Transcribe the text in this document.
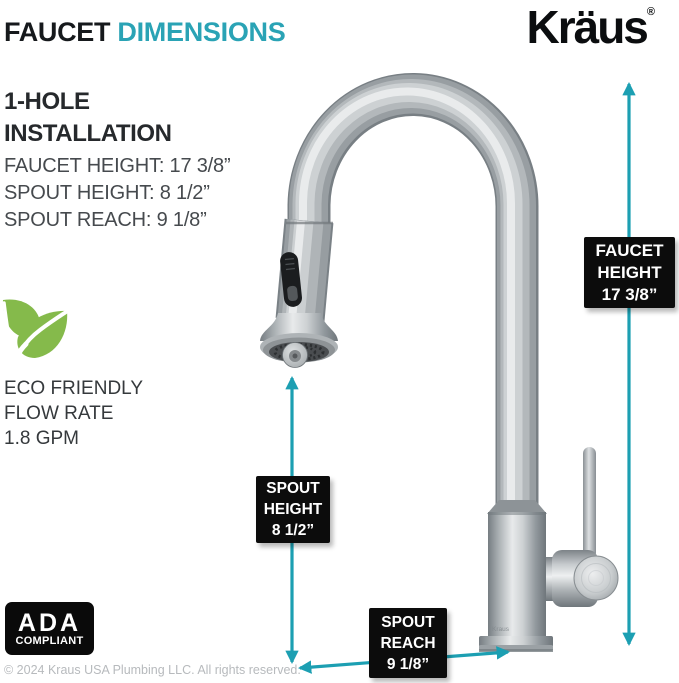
FAUCET DIMENSIONS	Kräus®
1-HOLE
INSTALLATION
FAUCET HEIGHT: 17 3/8”
SPOUT HEIGHT: 8 1/2”
SPOUT REACH: 9 1/8”
ECO FRIENDLY
FLOW RATE
1.8 GPM
ADA
COMPLIANT
© 2024 Kraus USA Plumbing LLC. All rights reserved.
Kraus
FAUCET
HEIGHT
17 3/8”
SPOUT
HEIGHT
8 1/2”
SPOUT
REACH
9 1/8”
